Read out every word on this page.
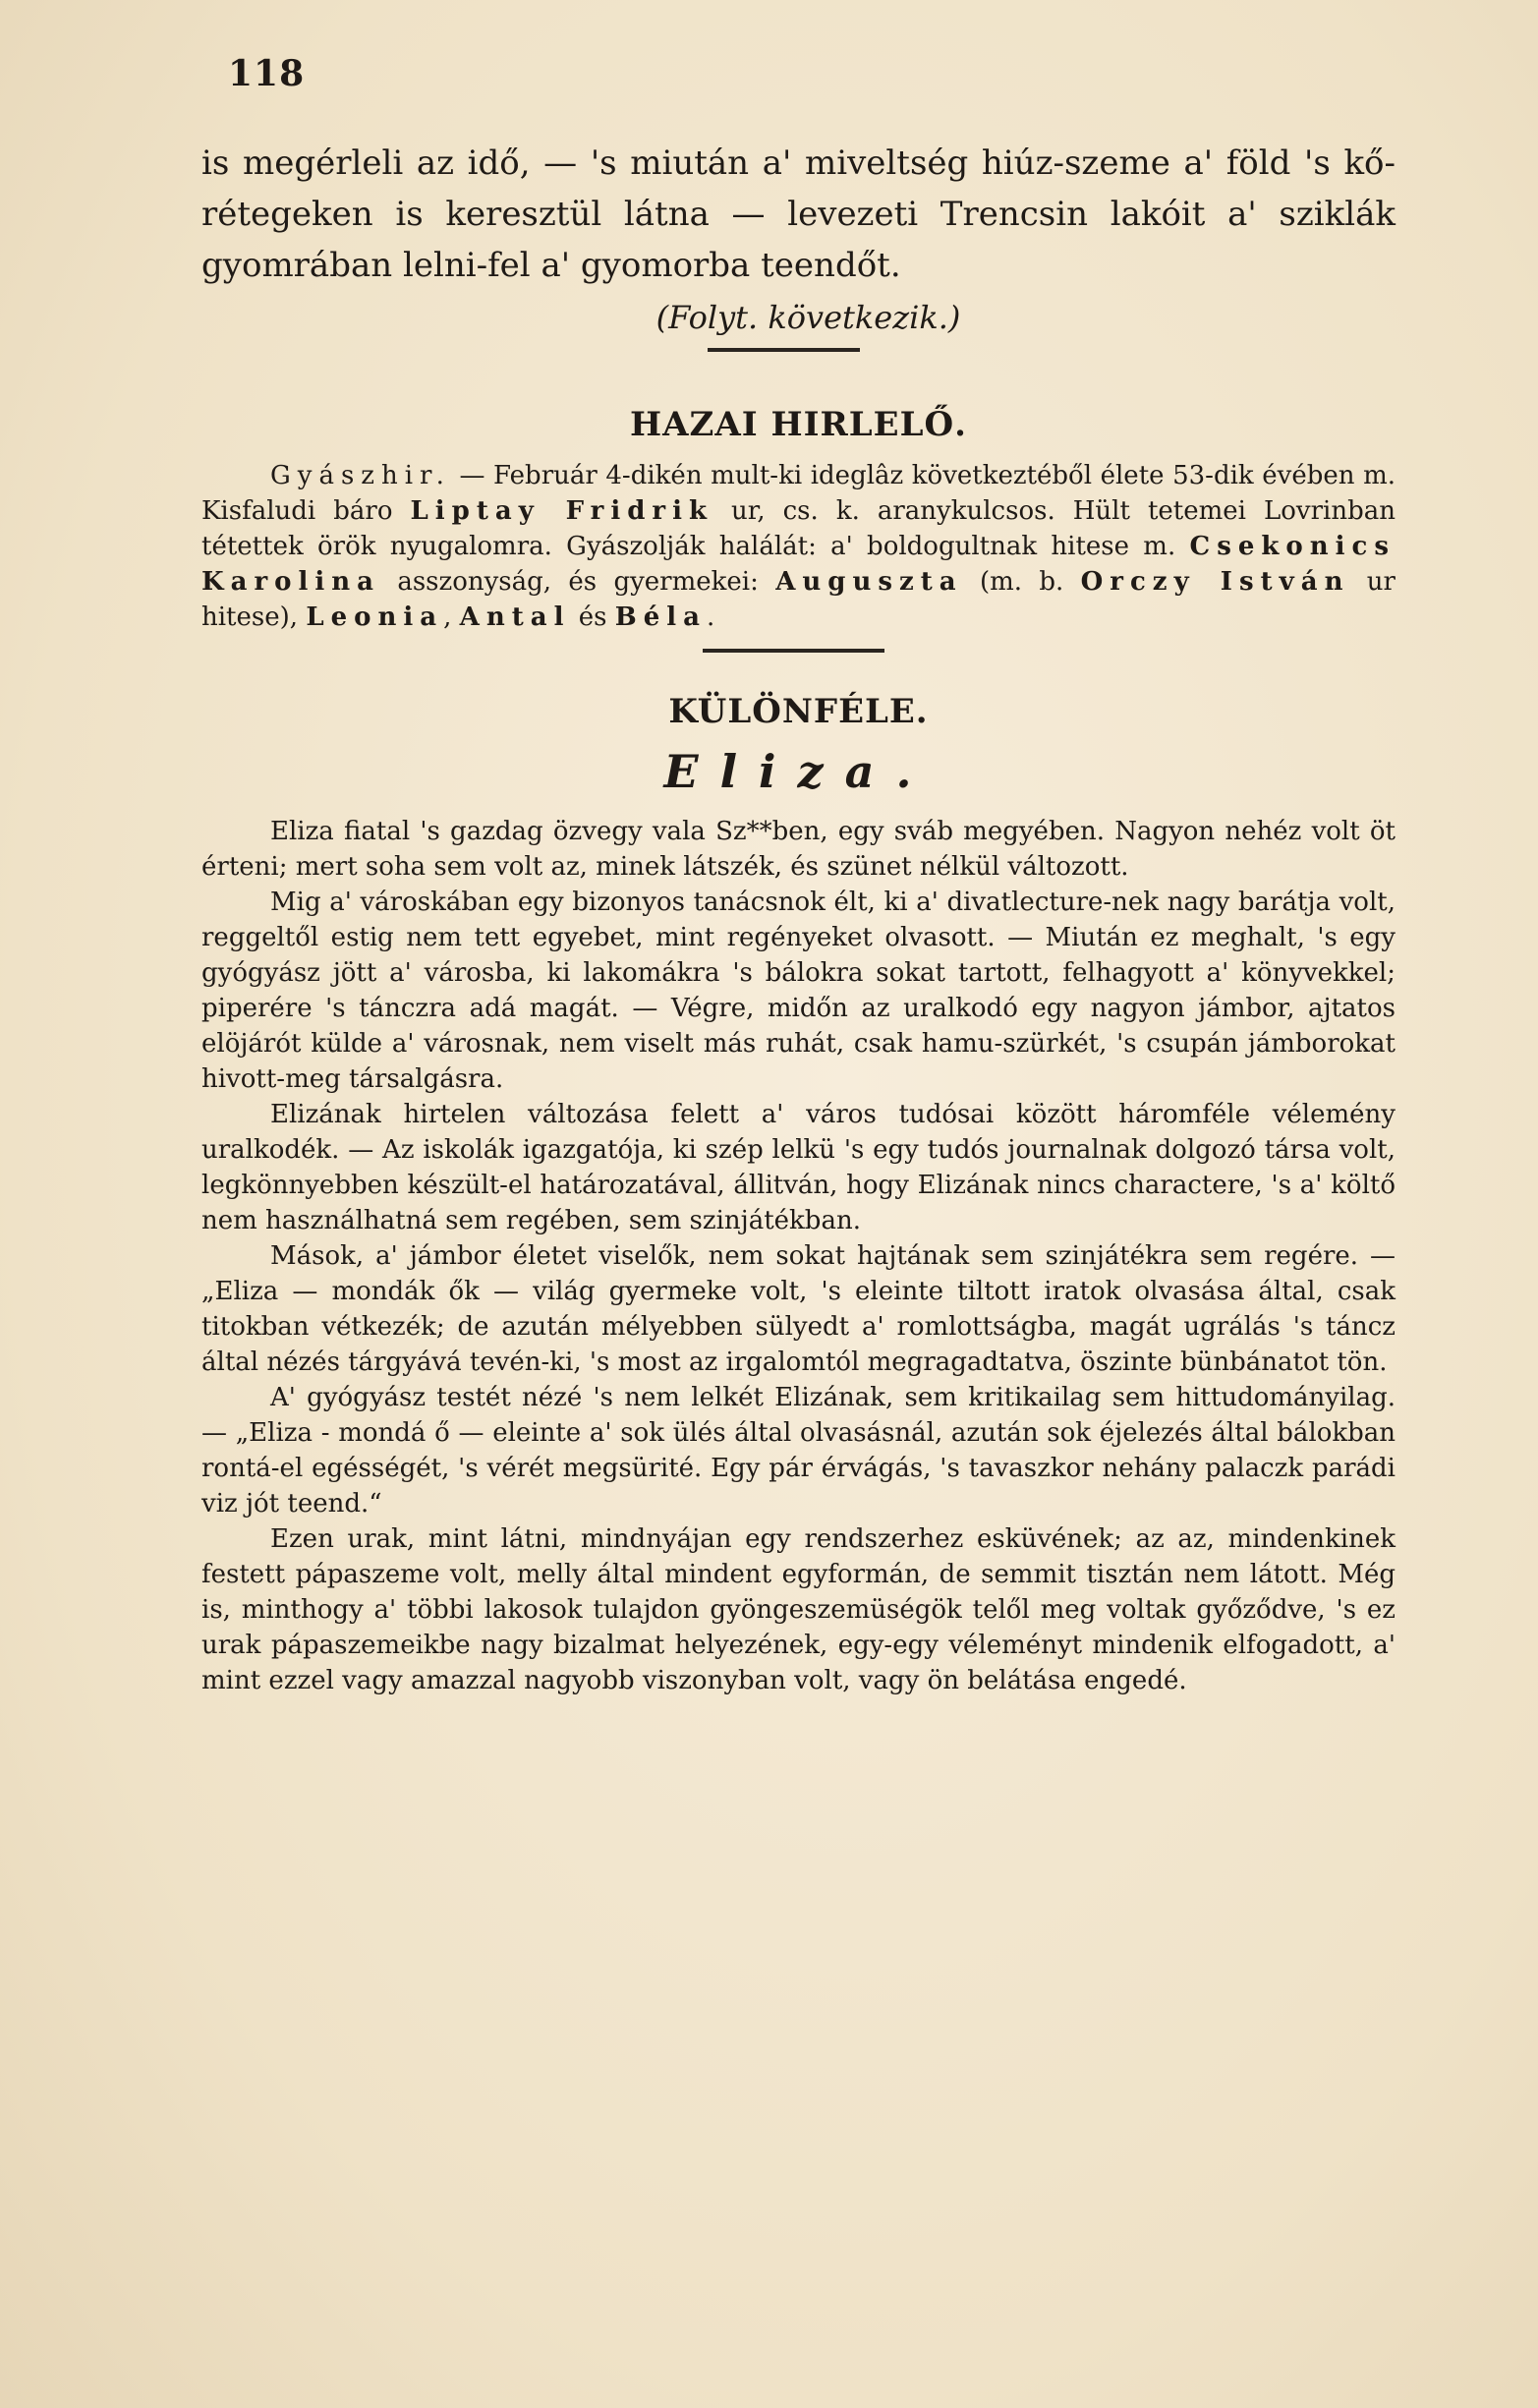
118

is megérleli az idő, — 's miután a' miveltség hiúz-szeme a' föld 's kő-rétegeken is keresztül látna — levezeti Trencsin lakóit a' sziklák gyomrában lelni-fel a' gyomorba teendőt.

(Folyt. következik.)

HAZAI HIRLELŐ.

Gyászhir. — Február 4-dikén mult-ki ideglâz következtéből élete 53-dik évében m. Kisfaludi báro Liptay Fridrik ur, cs. k. aranykulcsos. Hült tetemei Lovrinban tétettek örök nyugalomra. Gyászolják halálát: a' boldogultnak hitese m. Csekonics Karolina asszonyság, és gyermekei: Auguszta (m. b. Orczy István ur hitese), Leonia, Antal és Béla.

KÜLÖNFÉLE.
Eliza.

Eliza fiatal 's gazdag özvegy vala Sz**ben, egy sváb megyében. Nagyon nehéz volt öt érteni; mert soha sem volt az, minek látszék, és szünet nélkül változott.

Mig a' városkában egy bizonyos tanácsnok élt, ki a' divatlecture-nek nagy barátja volt, reggeltől estig nem tett egyebet, mint regényeket olvasott. — Miután ez meghalt, 's egy gyógyász jött a' városba, ki lakomákra 's bálokra sokat tartott, felhagyott a' könyvekkel; piperére 's tánczra adá magát. — Végre, midőn az uralkodó egy nagyon jámbor, ajtatos elöjárót külde a' városnak, nem viselt más ruhát, csak hamu-szürkét, 's csupán jámborokat hivott-meg társalgásra.

Elizának hirtelen változása felett a' város tudósai között háromféle vélemény uralkodék. — Az iskolák igazgatója, ki szép lelkü 's egy tudós journalnak dolgozó társa volt, legkönnyebben készült-el határozatával, állitván, hogy Elizának nincs charactere, 's a' költő nem használhatná sem regében, sem szinjátékban.

Mások, a' jámbor életet viselők, nem sokat hajtának sem szinjátékra sem regére. — „Eliza — mondák ők — világ gyermeke volt, 's eleinte tiltott iratok olvasása által, csak titokban vétkezék; de azután mélyebben sülyedt a' romlottságba, magát ugrálás 's táncz által nézés tárgyává tevén-ki, 's most az irgalomtól megragadtatva, öszinte bünbánatot tön.

A' gyógyász testét nézé 's nem lelkét Elizának, sem kritikailag sem hittudományilag. — „Eliza - mondá ő — eleinte a' sok ülés által olvasásnál, azután sok éjelezés által bálokban rontá-el egésségét, 's vérét megsürité. Egy pár érvágás, 's tavaszkor nehány palaczk parádi viz jót teend.“

Ezen urak, mint látni, mindnyájan egy rendszerhez esküvének; az az, mindenkinek festett pápaszeme volt, melly által mindent egyformán, de semmit tisztán nem látott. Még is, minthogy a' többi lakosok tulajdon gyöngeszemüségök telől meg voltak győződve, 's ez urak pápaszemeikbe nagy bizalmat helyezének, egy-egy véleményt mindenik elfogadott, a' mint ezzel vagy amazzal nagyobb viszonyban volt, vagy ön belátása engedé.
